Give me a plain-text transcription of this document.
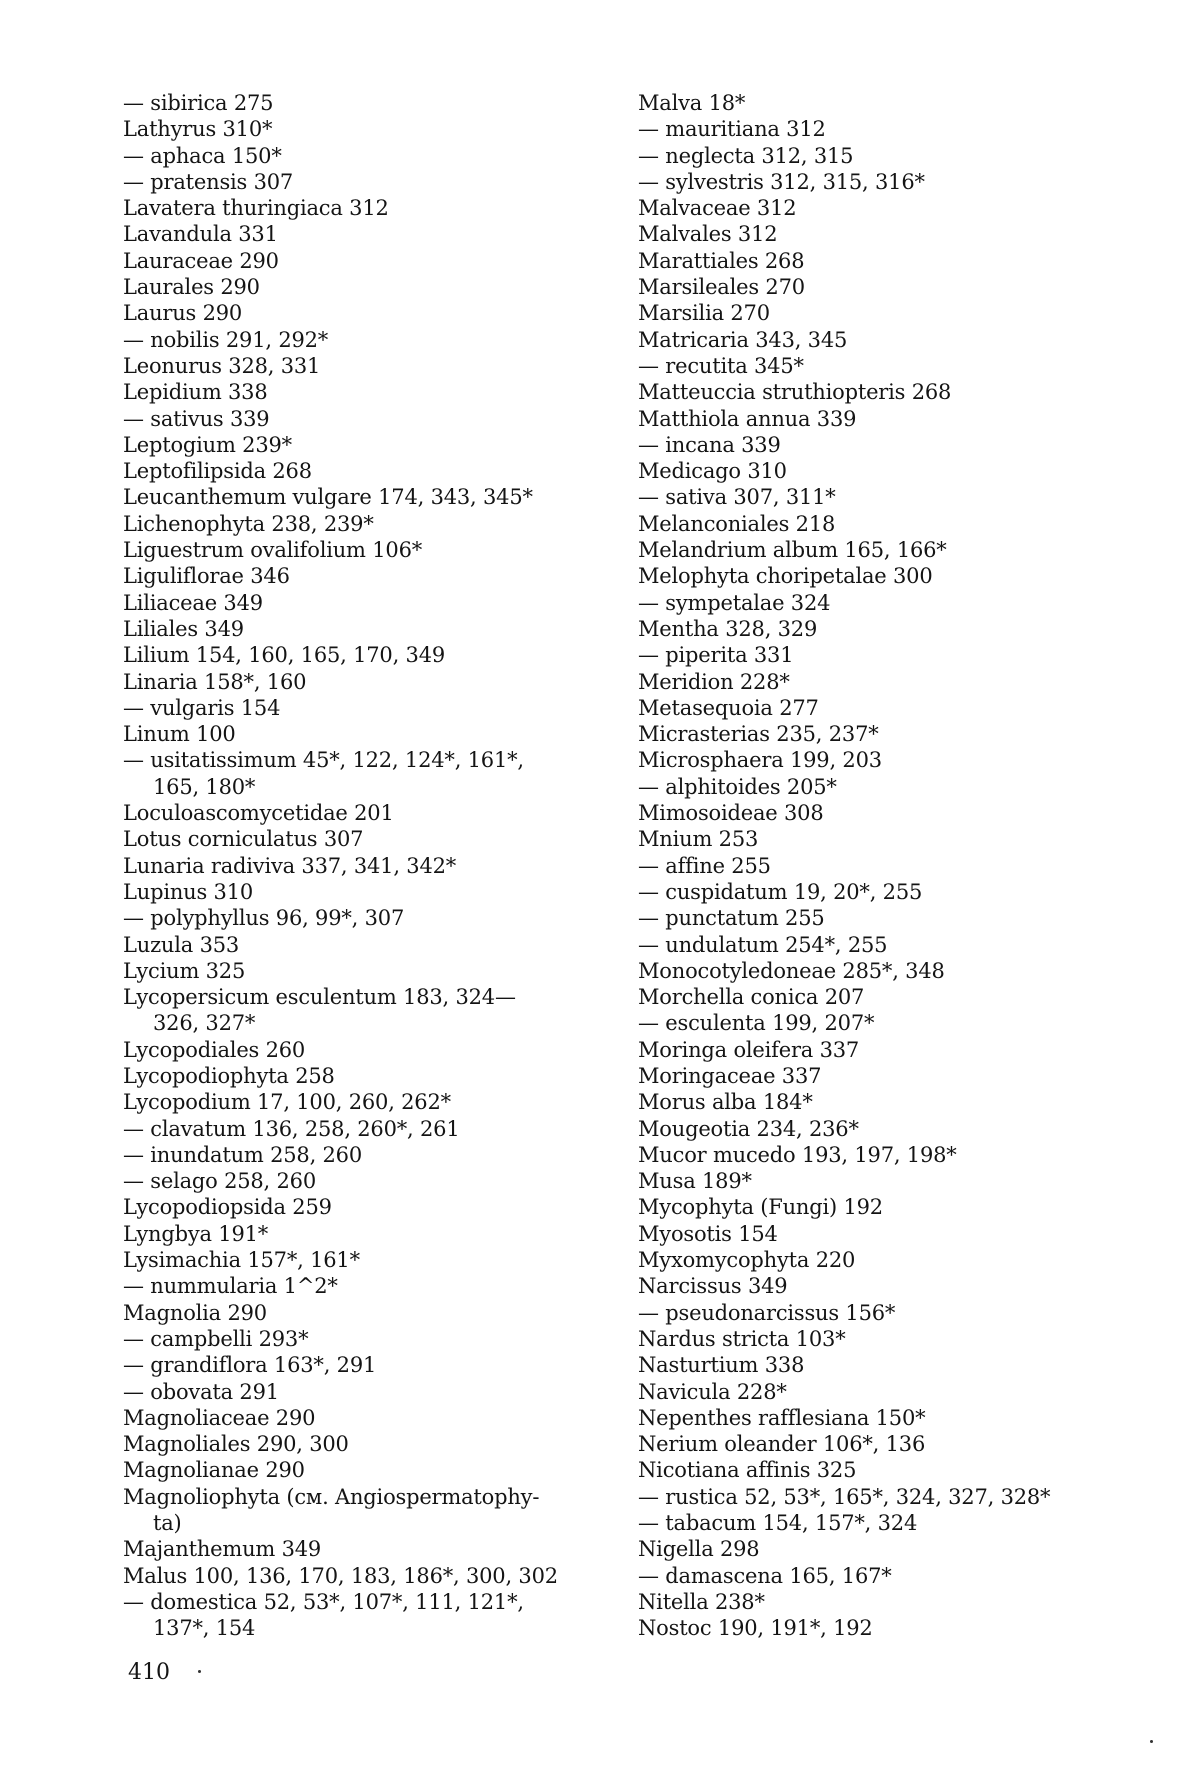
— sibirica 275
Lathyrus 310*
— aphaca 150*
— pratensis 307
Lavatera thuringiaca 312
Lavandula 331
Lauraceae 290
Laurales 290
Laurus 290
— nobilis 291, 292*
Leonurus 328, 331
Lepidium 338
— sativus 339
Leptogium 239*
Leptofilipsida 268
Leucanthemum vulgare 174, 343, 345*
Lichenophyta 238, 239*
Liguestrum ovalifolium 106*
Liguliflorae 346
Liliaceae 349
Liliales 349
Lilium 154, 160, 165, 170, 349
Linaria 158*, 160
— vulgaris 154
Linum 100
— usitatissimum 45*, 122, 124*, 161*,
165, 180*
Loculoascomycetidae 201
Lotus corniculatus 307
Lunaria radiviva 337, 341, 342*
Lupinus 310
— polyphyllus 96, 99*, 307
Luzula 353
Lycium 325
Lycopersicum esculentum 183, 324—
326, 327*
Lycopodiales 260
Lycopodiophyta 258
Lycopodium 17, 100, 260, 262*
— clavatum 136, 258, 260*, 261
— inundatum 258, 260
— selago 258, 260
Lycopodiopsida 259
Lyngbya 191*
Lysimachia 157*, 161*
— nummularia 1^2*
Magnolia 290
— campbelli 293*
— grandiflora 163*, 291
— obovata 291
Magnoliaceae 290
Magnoliales 290, 300
Magnolianae 290
Magnoliophyta (см. Angiospermatophy-
ta)
Majanthemum 349
Malus 100, 136, 170, 183, 186*, 300, 302
— domestica 52, 53*, 107*, 111, 121*,
137*, 154
Malva 18*
— mauritiana 312
— neglecta 312, 315
— sylvestris 312, 315, 316*
Malvaceae 312
Malvales 312
Marattiales 268
Marsileales 270
Marsilia 270
Matricaria 343, 345
— recutita 345*
Matteuccia struthiopteris 268
Matthiola annua 339
— incana 339
Medicago 310
— sativa 307, 311*
Melanconiales 218
Melandrium album 165, 166*
Melophyta choripetalae 300
— sympetalae 324
Mentha 328, 329
— piperita 331
Meridion 228*
Metasequoia 277
Micrasterias 235, 237*
Microsphaera 199, 203
— alphitoides 205*
Mimosoideae 308
Mnium 253
— affine 255
— cuspidatum 19, 20*, 255
— punctatum 255
— undulatum 254*, 255
Monocotyledoneae 285*, 348
Morchella conica 207
— esculenta 199, 207*
Moringa oleifera 337
Moringaceae 337
Morus alba 184*
Mougeotia 234, 236*
Mucor mucedo 193, 197, 198*
Musa 189*
Mycophyta (Fungi) 192
Myosotis 154
Myxomycophyta 220
Narcissus 349
— pseudonarcissus 156*
Nardus stricta 103*
Nasturtium 338
Navicula 228*
Nepenthes rafflesiana 150*
Nerium oleander 106*, 136
Nicotiana affinis 325
— rustica 52, 53*, 165*, 324, 327, 328*
— tabacum 154, 157*, 324
Nigella 298
— damascena 165, 167*
Nitella 238*
Nostoc 190, 191*, 192
410
